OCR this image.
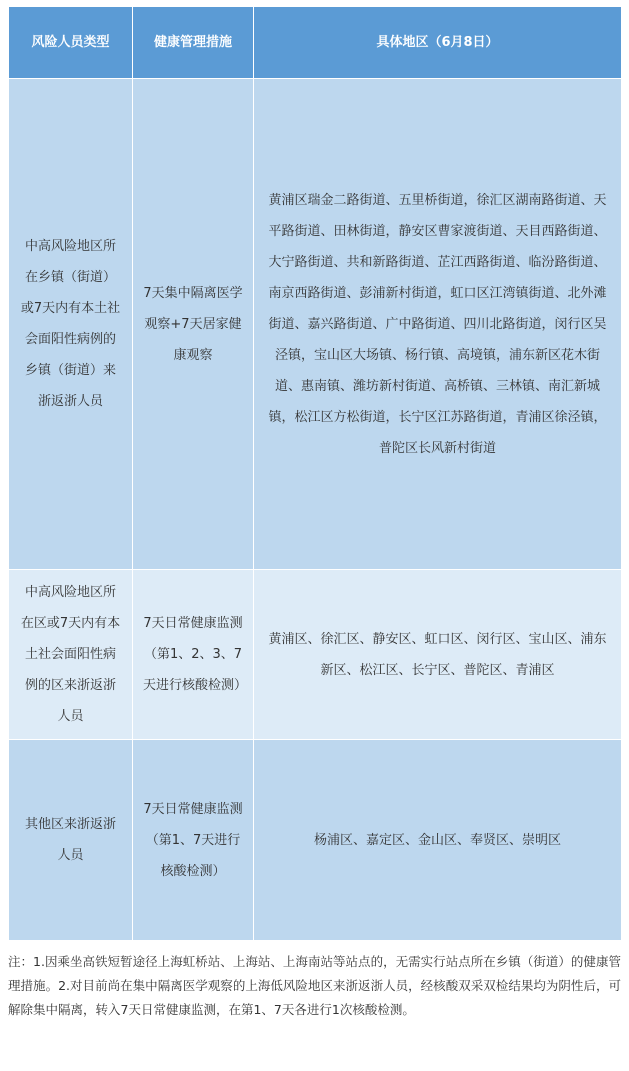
风险人员类型	健康管理措施	具体地区（6月8日）
中高风险地区所在乡镇（街道）或7天内有本土社会面阳性病例的乡镇（街道）来浙返浙人员	7天集中隔离医学观察+7天居家健康观察	黄浦区瑞金二路街道、五里桥街道，徐汇区湖南路街道、天平路街道、田林街道，静安区曹家渡街道、天目西路街道、大宁路街道、共和新路街道、芷江西路街道、临汾路街道、南京西路街道、彭浦新村街道，虹口区江湾镇街道、北外滩街道、嘉兴路街道、广中路街道、四川北路街道，闵行区吴泾镇，宝山区大场镇、杨行镇、高境镇，浦东新区花木街道、惠南镇、潍坊新村街道、高桥镇、三林镇、南汇新城镇，松江区方松街道，长宁区江苏路街道，青浦区徐泾镇，普陀区长风新村街道
中高风险地区所在区或7天内有本土社会面阳性病例的区来浙返浙人员	7天日常健康监测（第1、2、3、7天进行核酸检测）	黄浦区、徐汇区、静安区、虹口区、闵行区、宝山区、浦东新区、松江区、长宁区、普陀区、青浦区
其他区来浙返浙人员	7天日常健康监测（第1、7天进行核酸检测）	杨浦区、嘉定区、金山区、奉贤区、崇明区
注：1.因乘坐高铁短暂途径上海虹桥站、上海站、上海南站等站点的，无需实行站点所在乡镇（街道）的健康管理措施。2.对目前尚在集中隔离医学观察的上海低风险地区来浙返浙人员，经核酸双采双检结果均为阴性后，可解除集中隔离，转入7天日常健康监测，在第1、7天各进行1次核酸检测。
